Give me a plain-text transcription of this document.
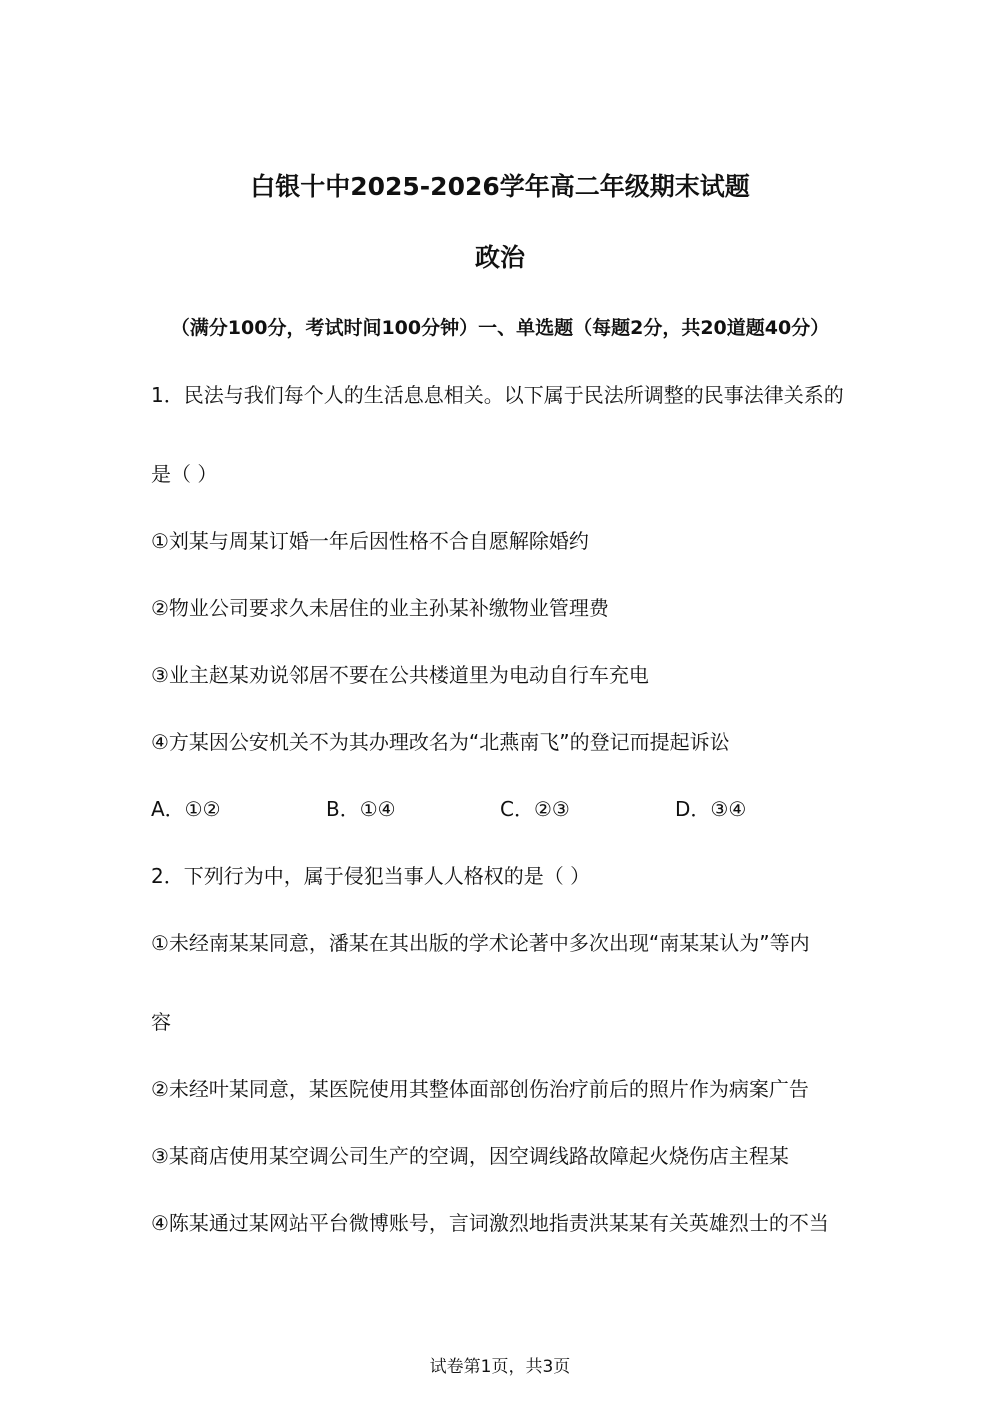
白银十中2025-2026学年高二年级期末试题
政治
（满分100分，考试时间100分钟）一、单选题（每题2分，共20道题40分）
1．民法与我们每个人的生活息息相关。以下属于民法所调整的民事法律关系的
是（ ）
①刘某与周某订婚一年后因性格不合自愿解除婚约
②物业公司要求久未居住的业主孙某补缴物业管理费
③业主赵某劝说邻居不要在公共楼道里为电动自行车充电
④方某因公安机关不为其办理改名为“北燕南飞”的登记而提起诉讼
A．①②	B．①④	C．②③	D．③④
2．下列行为中，属于侵犯当事人人格权的是（ ）
①未经南某某同意，潘某在其出版的学术论著中多次出现“南某某认为”等内
容
②未经叶某同意，某医院使用其整体面部创伤治疗前后的照片作为病案广告
③某商店使用某空调公司生产的空调，因空调线路故障起火烧伤店主程某
④陈某通过某网站平台微博账号，言词激烈地指责洪某某有关英雄烈士的不当
试卷第1页，共3页
